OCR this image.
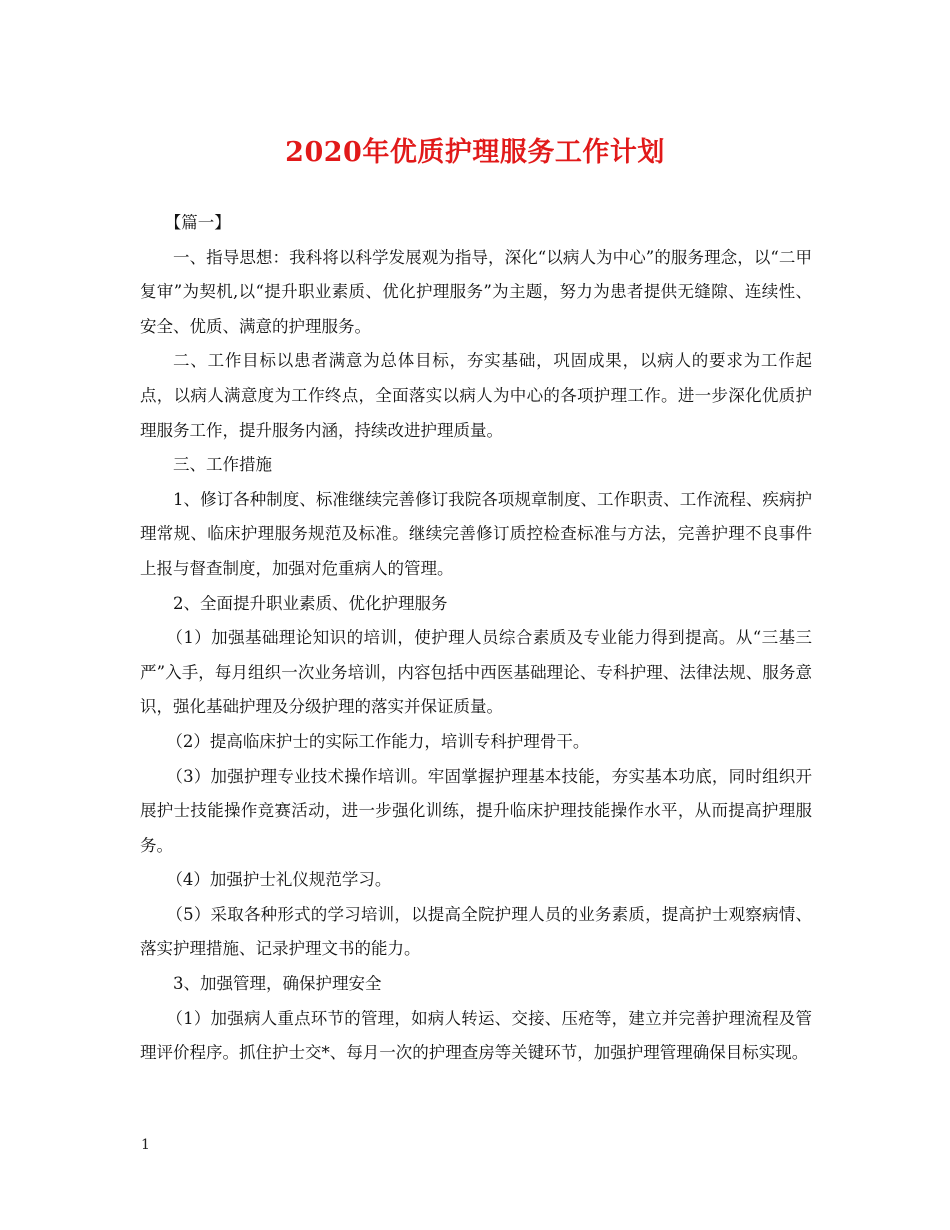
2020年优质护理服务工作计划

【篇一】

一、指导思想：我科将以科学发展观为指导，深化“以病人为中心”的服务理念，以“二甲复审”为契机,以“提升职业素质、优化护理服务”为主题，努力为患者提供无缝隙、连续性、安全、优质、满意的护理服务。

二、工作目标以患者满意为总体目标，夯实基础，巩固成果，以病人的要求为工作起点，以病人满意度为工作终点，全面落实以病人为中心的各项护理工作。进一步深化优质护理服务工作，提升服务内涵，持续改进护理质量。

三、工作措施

1、修订各种制度、标准继续完善修订我院各项规章制度、工作职责、工作流程、疾病护理常规、临床护理服务规范及标准。继续完善修订质控检查标准与方法，完善护理不良事件上报与督查制度，加强对危重病人的管理。

2、全面提升职业素质、优化护理服务

（1）加强基础理论知识的培训，使护理人员综合素质及专业能力得到提高。从“三基三严”入手，每月组织一次业务培训，内容包括中西医基础理论、专科护理、法律法规、服务意识，强化基础护理及分级护理的落实并保证质量。

（2）提高临床护士的实际工作能力，培训专科护理骨干。

（3）加强护理专业技术操作培训。牢固掌握护理基本技能，夯实基本功底，同时组织开展护士技能操作竞赛活动，进一步强化训练，提升临床护理技能操作水平，从而提高护理服务。

（4）加强护士礼仪规范学习。

（5）采取各种形式的学习培训，以提高全院护理人员的业务素质，提高护士观察病情、落实护理措施、记录护理文书的能力。

3、加强管理，确保护理安全

（1）加强病人重点环节的管理，如病人转运、交接、压疮等，建立并完善护理流程及管理评价程序。抓住护士交*、每月一次的护理查房等关键环节，加强护理管理确保目标实现。

1
